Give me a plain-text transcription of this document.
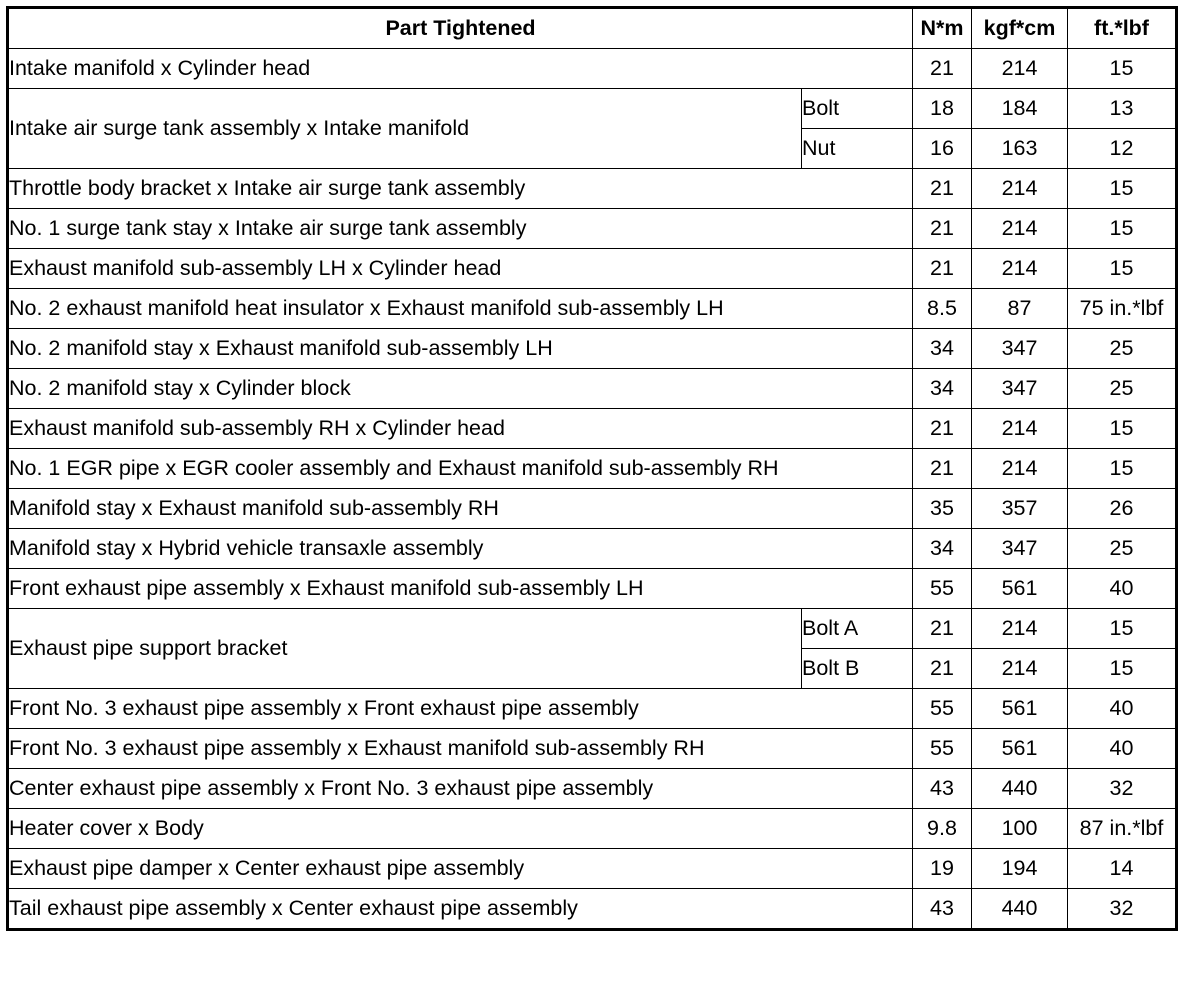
Part Tightened		N*m	kgf*cm	ft.*lbf
Intake manifold x Cylinder head		21	214	15
Intake air surge tank assembly x Intake manifold	Bolt	18	184	13
	Nut	16	163	12
Throttle body bracket x Intake air surge tank assembly		21	214	15
No. 1 surge tank stay x Intake air surge tank assembly		21	214	15
Exhaust manifold sub-assembly LH x Cylinder head		21	214	15
No. 2 exhaust manifold heat insulator x Exhaust manifold sub-assembly LH		8.5	87	75 in.*lbf
No. 2 manifold stay x Exhaust manifold sub-assembly LH		34	347	25
No. 2 manifold stay x Cylinder block		34	347	25
Exhaust manifold sub-assembly RH x Cylinder head		21	214	15
No. 1 EGR pipe x EGR cooler assembly and Exhaust manifold sub-assembly RH		21	214	15
Manifold stay x Exhaust manifold sub-assembly RH		35	357	26
Manifold stay x Hybrid vehicle transaxle assembly		34	347	25
Front exhaust pipe assembly x Exhaust manifold sub-assembly LH		55	561	40
Exhaust pipe support bracket	Bolt A	21	214	15
	Bolt B	21	214	15
Front No. 3 exhaust pipe assembly x Front exhaust pipe assembly		55	561	40
Front No. 3 exhaust pipe assembly x Exhaust manifold sub-assembly RH		55	561	40
Center exhaust pipe assembly x Front No. 3 exhaust pipe assembly		43	440	32
Heater cover x Body		9.8	100	87 in.*lbf
Exhaust pipe damper x Center exhaust pipe assembly		19	194	14
Tail exhaust pipe assembly x Center exhaust pipe assembly		43	440	32
